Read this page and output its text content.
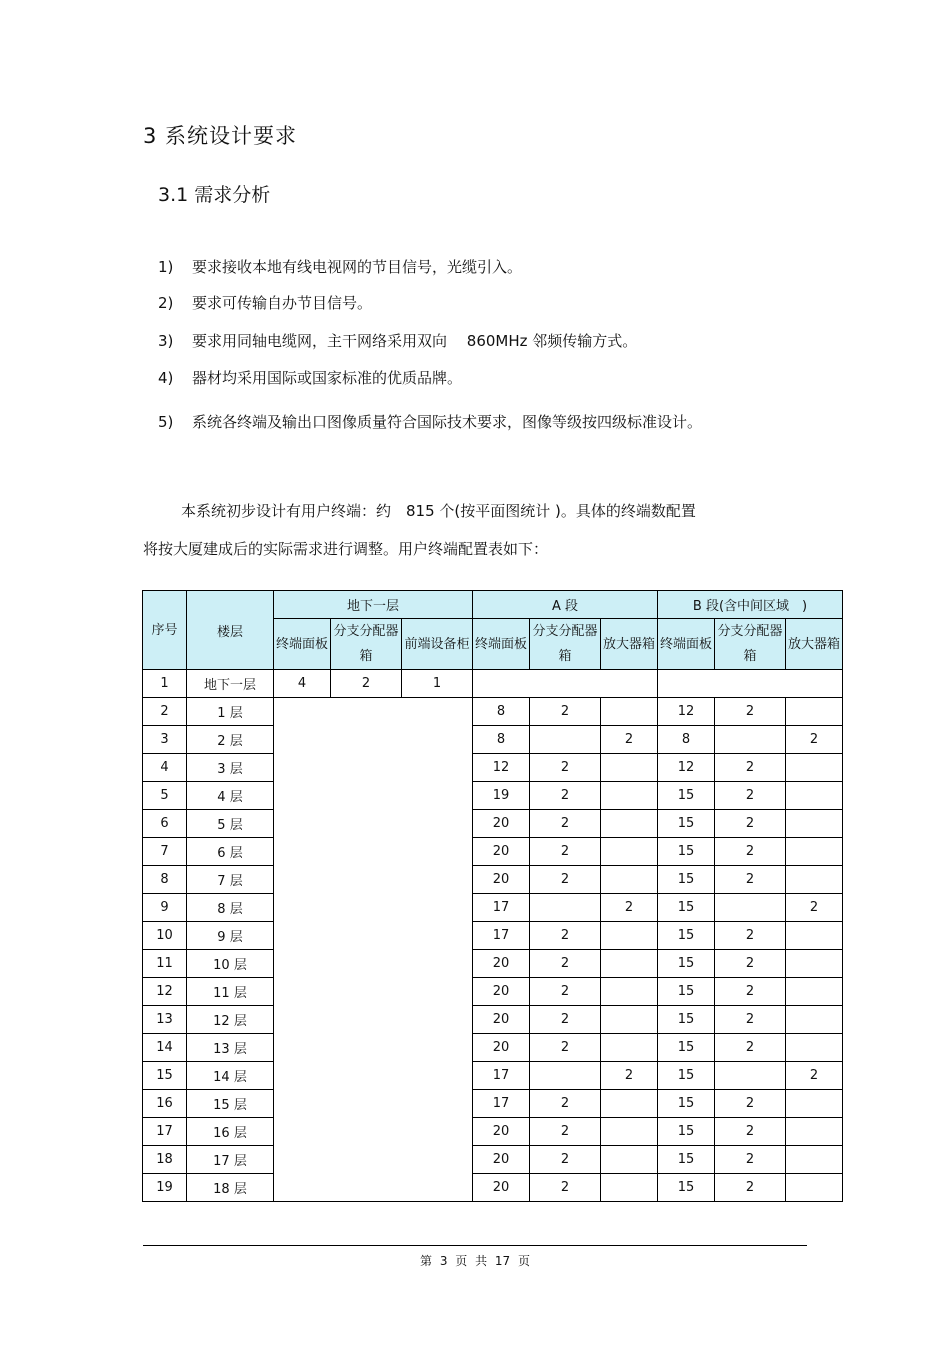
3 系统设计要求
3.1 需求分析
1) 要求接收本地有线电视网的节目信号，光缆引入。
2) 要求可传输自办节目信号。
3) 要求用同轴电缆网，主干网络采用双向　 860MHz 邻频传输方式。
4) 器材均采用国际或国家标准的优质品牌。
5) 系统各终端及输出口图像质量符合国际技术要求，图像等级按四级标准设计。
本系统初步设计有用户终端：约　815 个(按平面图统计 )。具体的终端数配置
将按大厦建成后的实际需求进行调整。用户终端配置表如下：
序号	楼层	地下一层			A 段			B 段(含中间区域　)		
		终端面板	分支分配器箱	前端设备柜	终端面板	分支分配器箱	放大器箱	终端面板	分支分配器箱	放大器箱
1	地下一层	4	2	1						
2	1 层				8	2		12	2	
3	2 层				8		2	8		2
4	3 层				12	2		12	2	
5	4 层				19	2		15	2	
6	5 层				20	2		15	2	
7	6 层				20	2		15	2	
8	7 层				20	2		15	2	
9	8 层				17		2	15		2
10	9 层				17	2		15	2	
11	10 层				20	2		15	2	
12	11 层				20	2		15	2	
13	12 层				20	2		15	2	
14	13 层				20	2		15	2	
15	14 层				17		2	15		2
16	15 层				17	2		15	2	
17	16 层				20	2		15	2	
18	17 层				20	2		15	2	
19	18 层				20	2		15	2	
第 3 页 共 17 页
